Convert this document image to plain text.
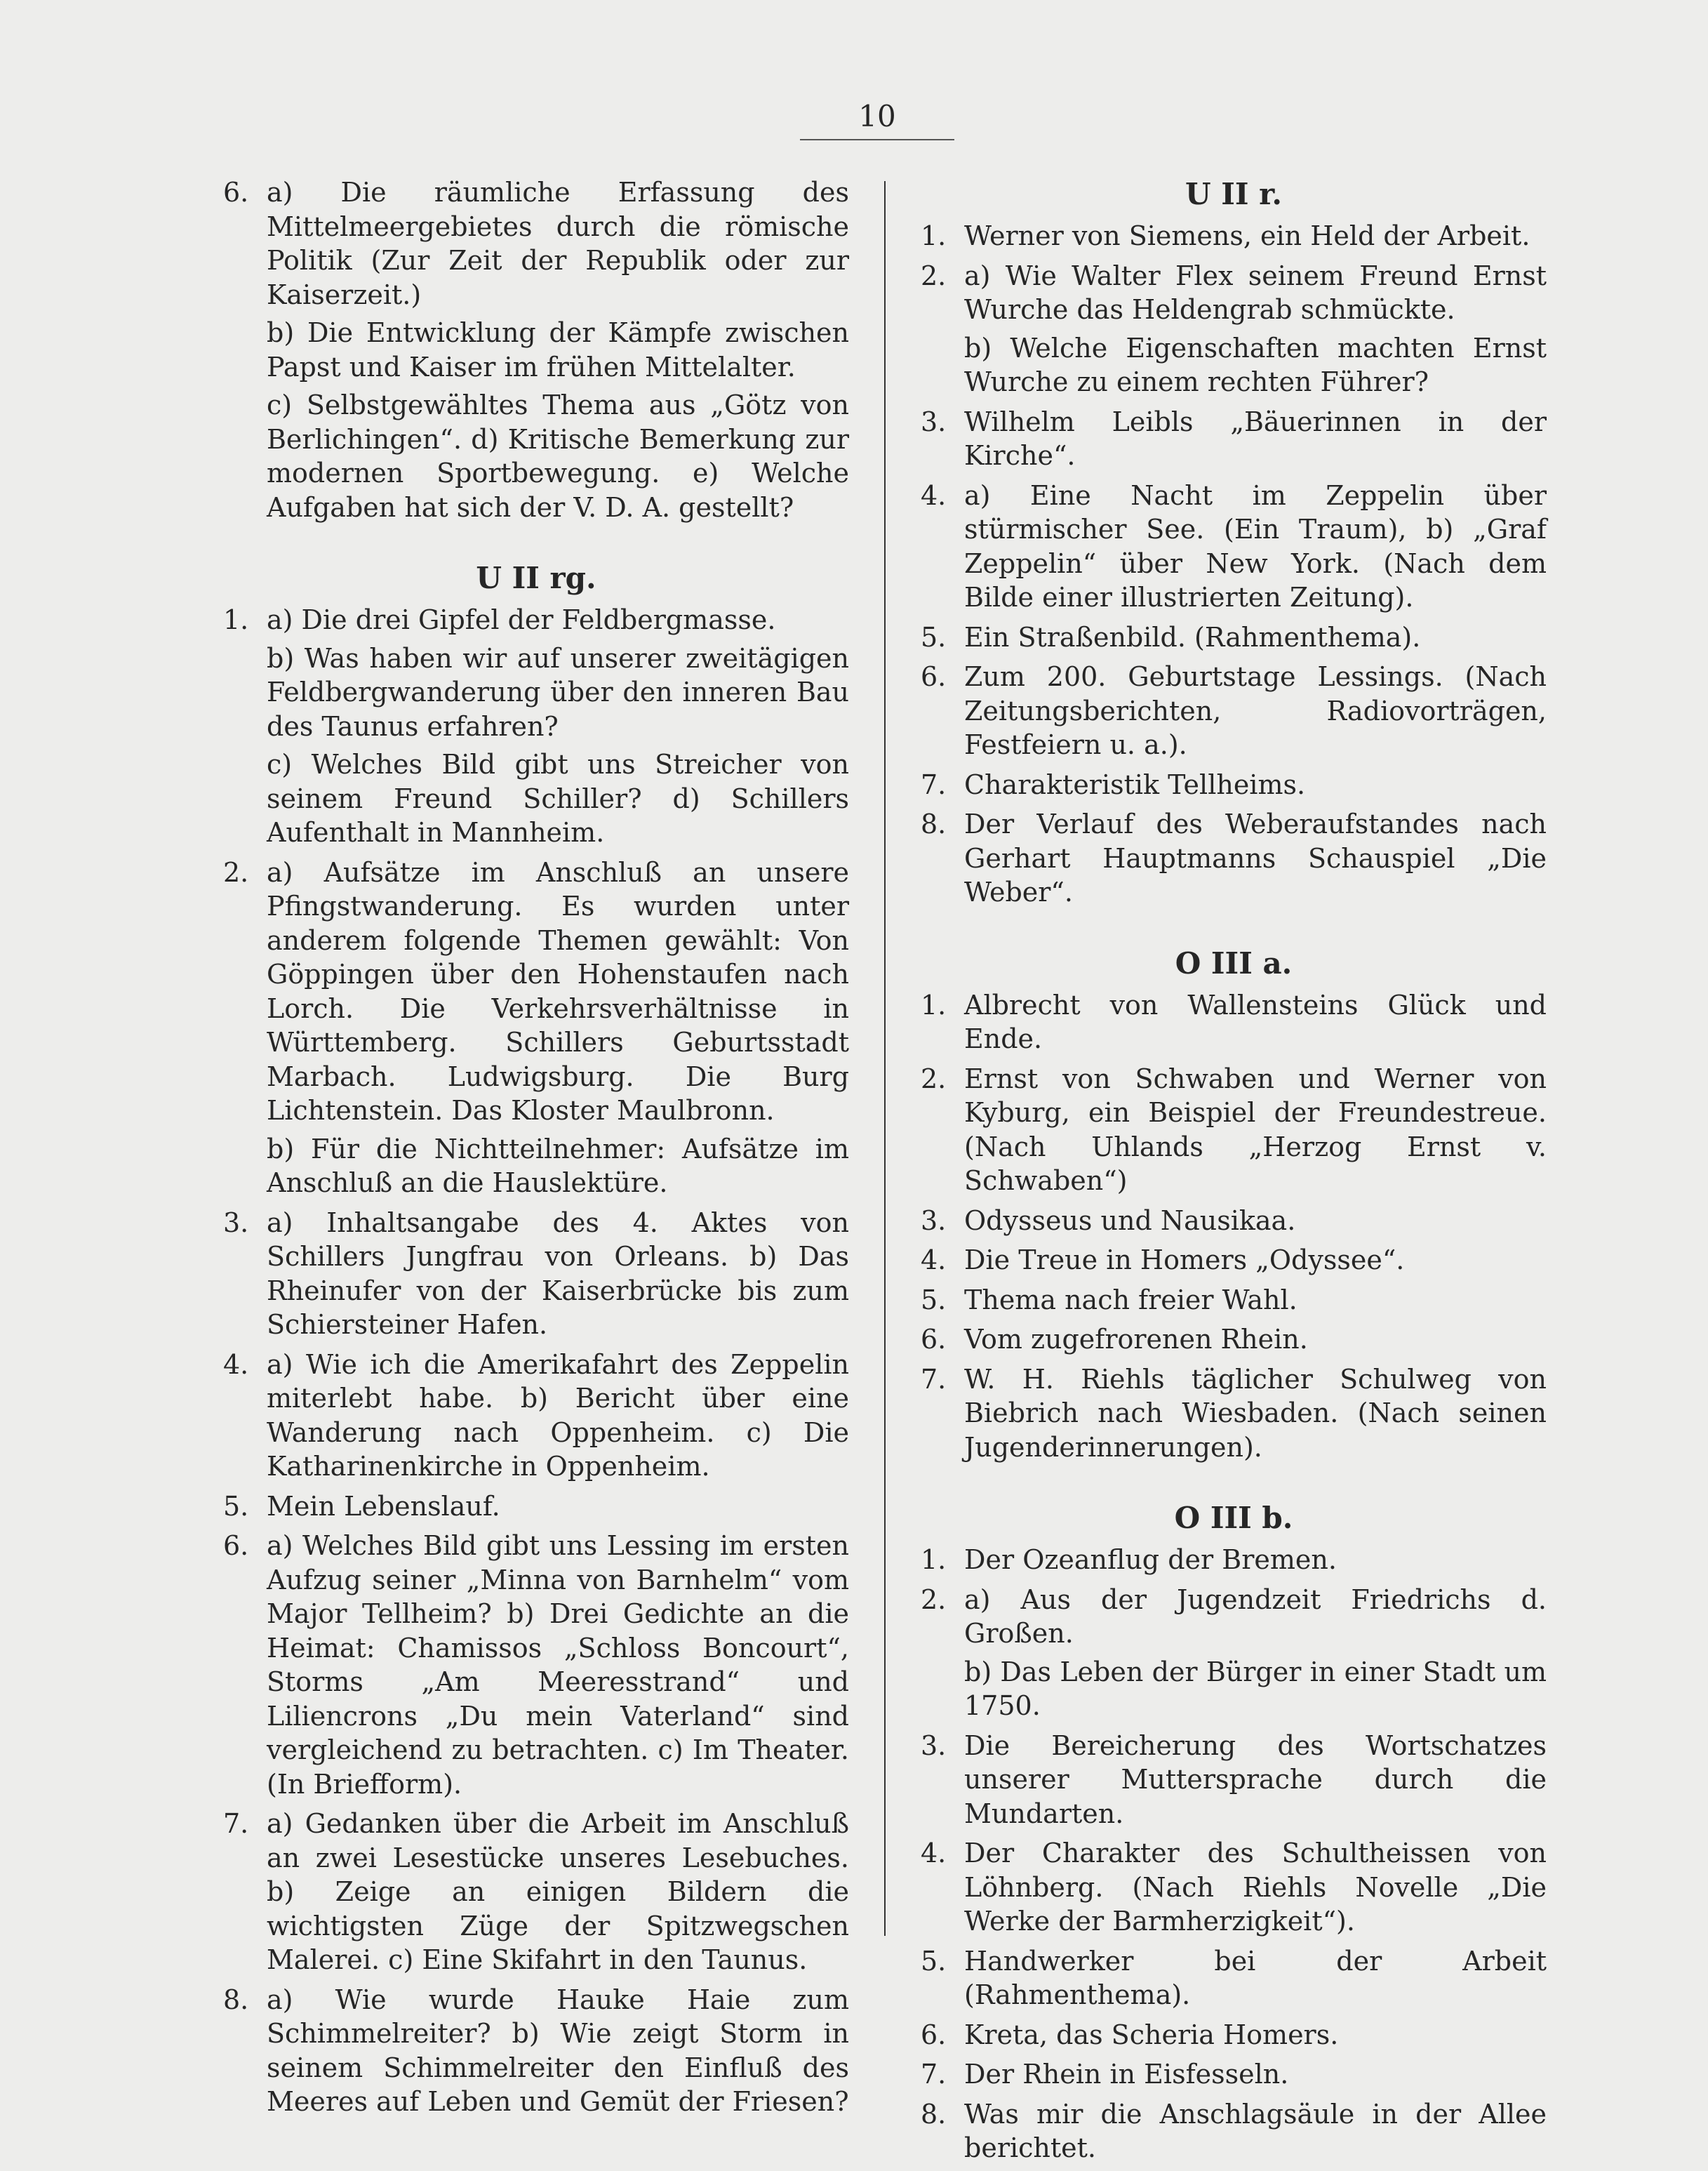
10
6. a) Die räumliche Erfassung des Mittelmeergebietes durch die römische Politik (Zur Zeit der Republik oder zur Kaiserzeit.)
b) Die Entwicklung der Kämpfe zwischen Papst und Kaiser im frühen Mittelalter.
c) Selbstgewähltes Thema aus „Götz von Berlichingen“. d) Kritische Bemerkung zur modernen Sportbewegung. e) Welche Aufgaben hat sich der V. D. A. gestellt?
U II rg.
1. a) Die drei Gipfel der Feldbergmasse.
b) Was haben wir auf unserer zweitägigen Feldbergwanderung über den inneren Bau des Taunus erfahren?
c) Welches Bild gibt uns Streicher von seinem Freund Schiller? d) Schillers Aufenthalt in Mannheim.
2. a) Aufsätze im Anschluß an unsere Pfingstwanderung. Es wurden unter anderem folgende Themen gewählt: Von Göppingen über den Hohenstaufen nach Lorch. Die Verkehrsverhältnisse in Württemberg. Schillers Geburtsstadt Marbach. Ludwigsburg. Die Burg Lichtenstein. Das Kloster Maulbronn.
b) Für die Nichtteilnehmer: Aufsätze im Anschluß an die Hauslektüre.
3. a) Inhaltsangabe des 4. Aktes von Schillers Jungfrau von Orleans. b) Das Rheinufer von der Kaiserbrücke bis zum Schiersteiner Hafen.
4. a) Wie ich die Amerikafahrt des Zeppelin miterlebt habe. b) Bericht über eine Wanderung nach Oppenheim. c) Die Katharinenkirche in Oppenheim.
5. Mein Lebenslauf.
6. a) Welches Bild gibt uns Lessing im ersten Aufzug seiner „Minna von Barnhelm“ vom Major Tellheim? b) Drei Gedichte an die Heimat: Chamissos „Schloss Boncourt“, Storms „Am Meeresstrand“ und Liliencrons „Du mein Vaterland“ sind vergleichend zu betrachten. c) Im Theater. (In Briefform).
7. a) Gedanken über die Arbeit im Anschluß an zwei Lesestücke unseres Lesebuches. b) Zeige an einigen Bildern die wichtigsten Züge der Spitzwegschen Malerei. c) Eine Skifahrt in den Taunus.
8. a) Wie wurde Hauke Haie zum Schimmelreiter? b) Wie zeigt Storm in seinem Schimmelreiter den Einfluß des Meeres auf Leben und Gemüt der Friesen?
U II r.
1. Werner von Siemens, ein Held der Arbeit.
2. a) Wie Walter Flex seinem Freund Ernst Wurche das Heldengrab schmückte.
b) Welche Eigenschaften machten Ernst Wurche zu einem rechten Führer?
3. Wilhelm Leibls „Bäuerinnen in der Kirche“.
4. a) Eine Nacht im Zeppelin über stürmischer See. (Ein Traum), b) „Graf Zeppelin“ über New York. (Nach dem Bilde einer illustrierten Zeitung).
5. Ein Straßenbild. (Rahmenthema).
6. Zum 200. Geburtstage Lessings. (Nach Zeitungsberichten, Radiovorträgen, Festfeiern u. a.).
7. Charakteristik Tellheims.
8. Der Verlauf des Weberaufstandes nach Gerhart Hauptmanns Schauspiel „Die Weber“.
O III a.
1. Albrecht von Wallensteins Glück und Ende.
2. Ernst von Schwaben und Werner von Kyburg, ein Beispiel der Freundestreue. (Nach Uhlands „Herzog Ernst v. Schwaben“)
3. Odysseus und Nausikaa.
4. Die Treue in Homers „Odyssee“.
5. Thema nach freier Wahl.
6. Vom zugefrorenen Rhein.
7. W. H. Riehls täglicher Schulweg von Biebrich nach Wiesbaden. (Nach seinen Jugenderinnerungen).
O III b.
1. Der Ozeanflug der Bremen.
2. a) Aus der Jugendzeit Friedrichs d. Großen.
b) Das Leben der Bürger in einer Stadt um 1750.
3. Die Bereicherung des Wortschatzes unserer Muttersprache durch die Mundarten.
4. Der Charakter des Schultheissen von Löhnberg. (Nach Riehls Novelle „Die Werke der Barmherzigkeit“).
5. Handwerker bei der Arbeit (Rahmenthema).
6. Kreta, das Scheria Homers.
7. Der Rhein in Eisfesseln.
8. Was mir die Anschlagsäule in der Allee berichtet.
